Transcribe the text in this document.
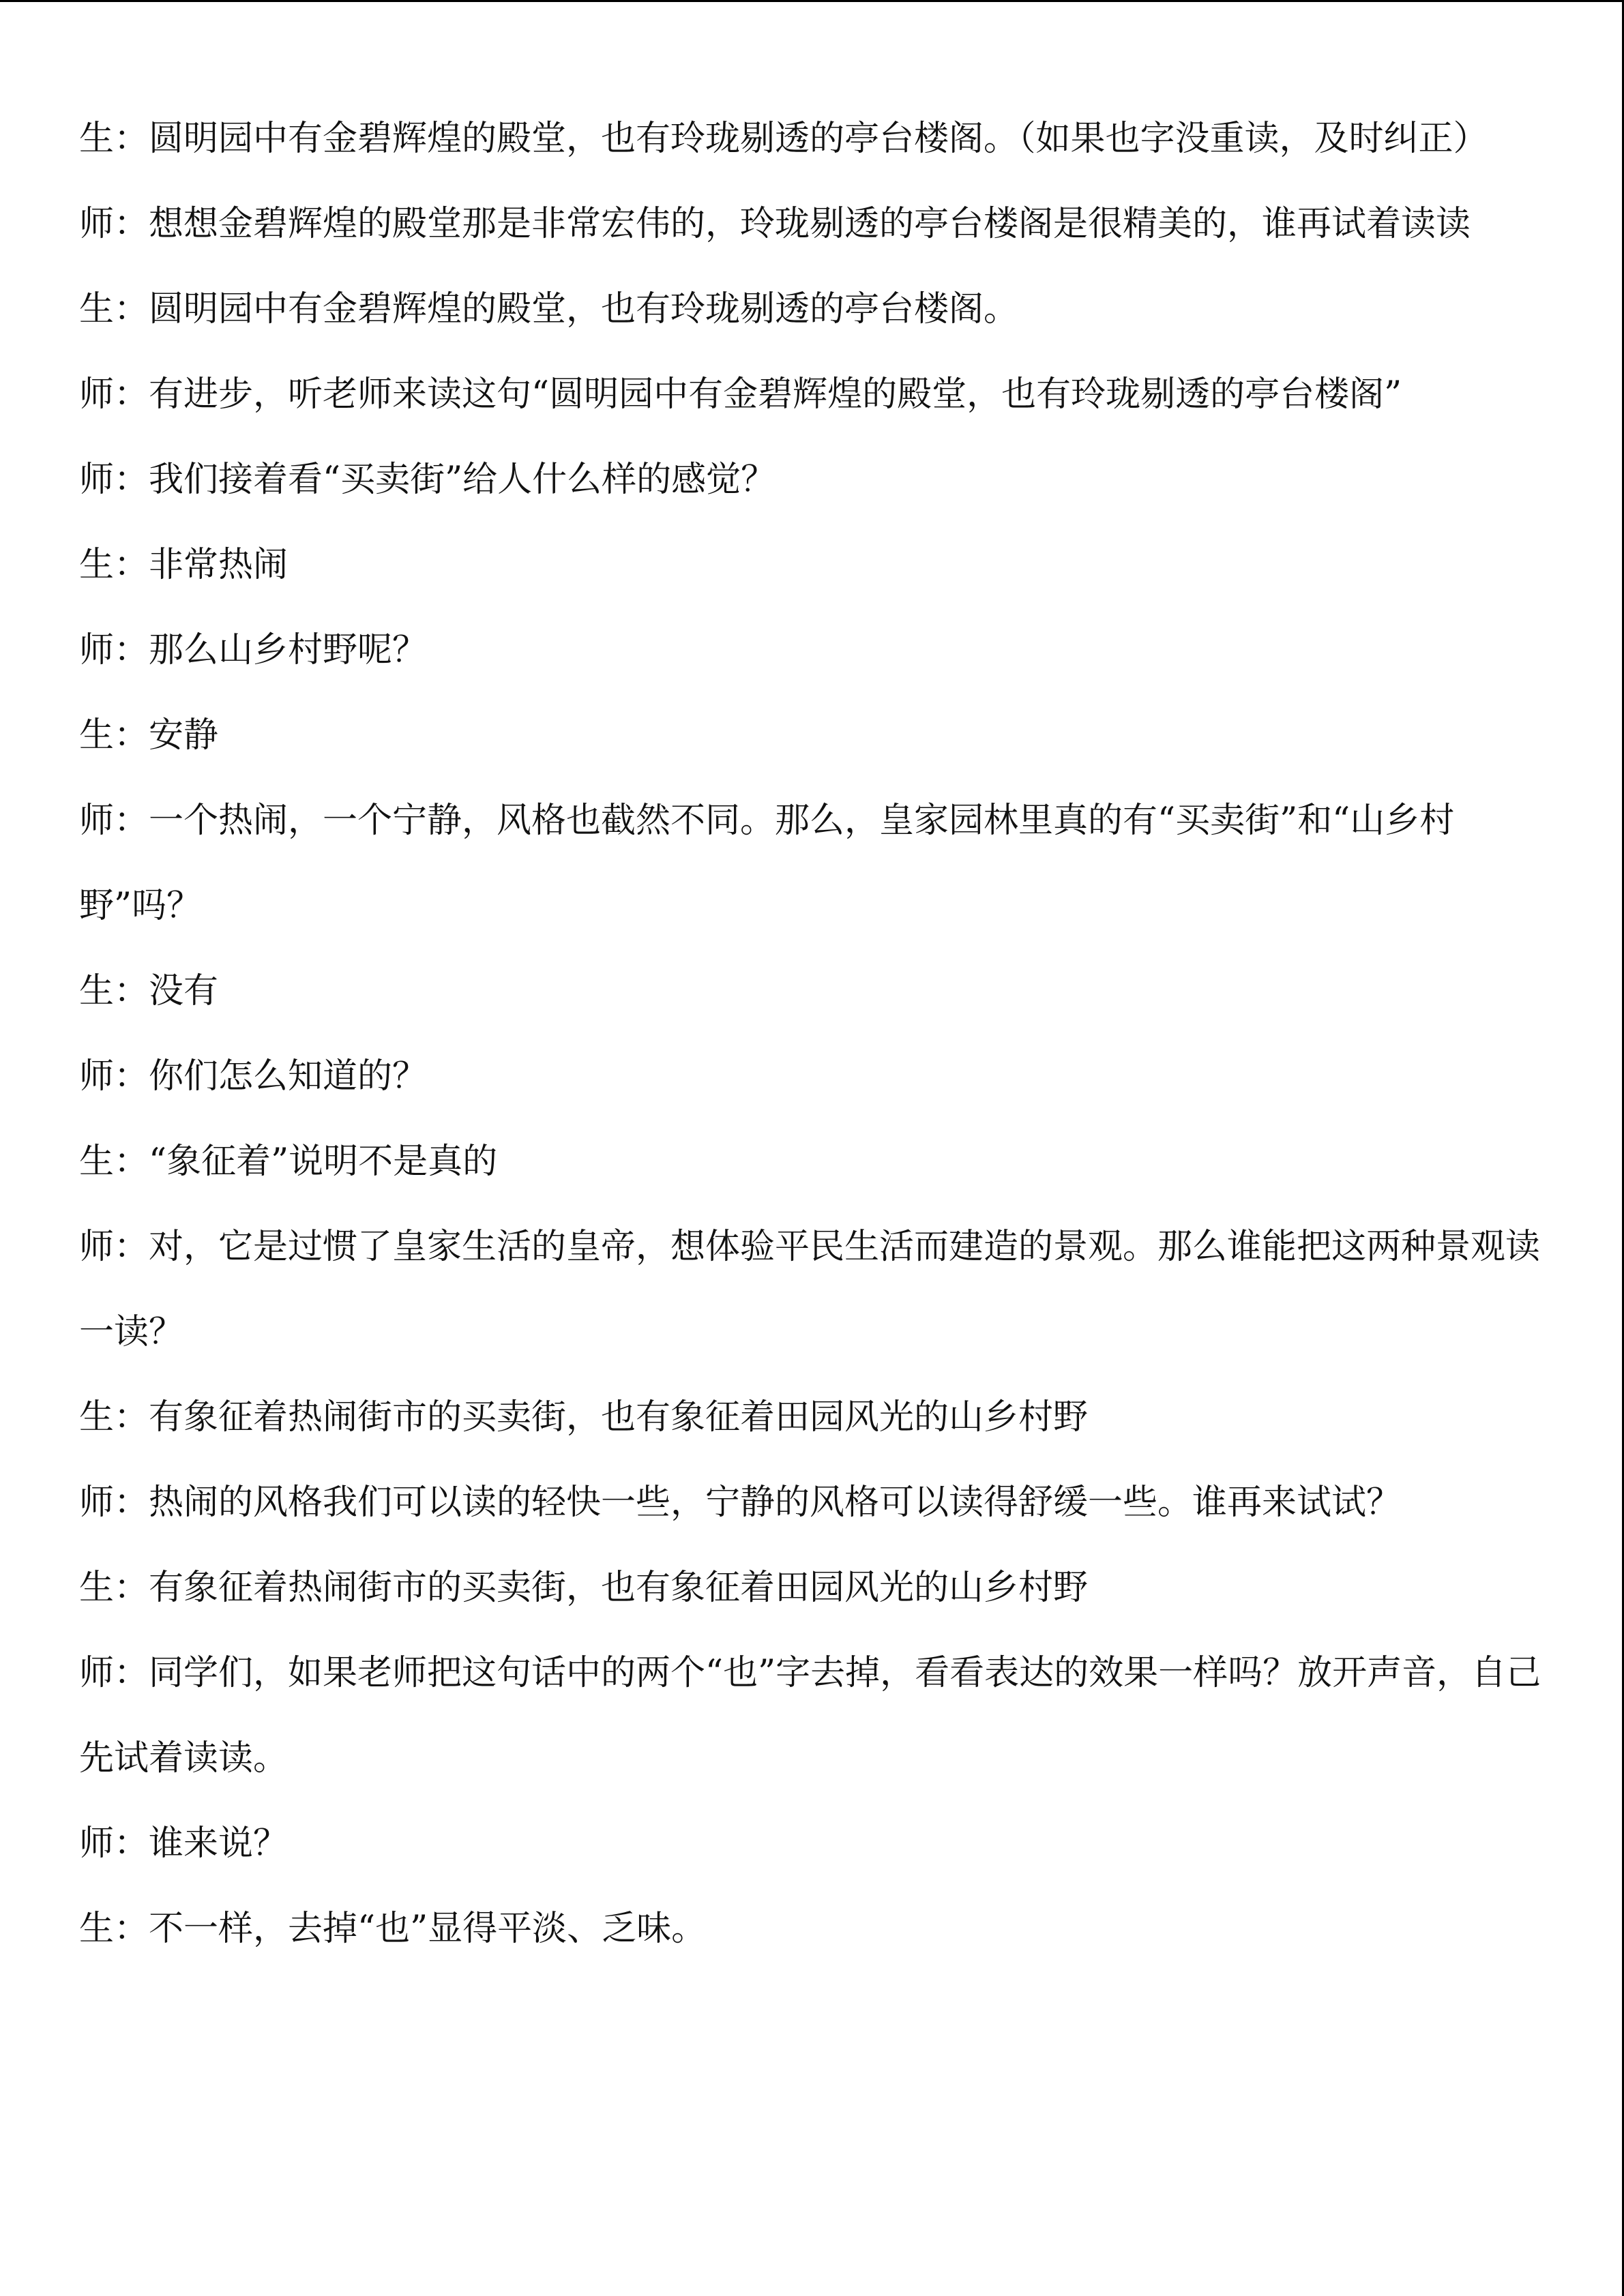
生：圆明园中有金碧辉煌的殿堂，也有玲珑剔透的亭台楼阁。（如果也字没重读，及时纠正）

师：想想金碧辉煌的殿堂那是非常宏伟的，玲珑剔透的亭台楼阁是很精美的，谁再试着读读

生：圆明园中有金碧辉煌的殿堂，也有玲珑剔透的亭台楼阁。

师：有进步，听老师来读这句“圆明园中有金碧辉煌的殿堂，也有玲珑剔透的亭台楼阁”

师：我们接着看“买卖街”给人什么样的感觉？

生：非常热闹

师：那么山乡村野呢？

生：安静

师：一个热闹，一个宁静，风格也截然不同。那么，皇家园林里真的有“买卖街”和“山乡村野”吗？

生：没有

师：你们怎么知道的？

生：“象征着”说明不是真的

师：对，它是过惯了皇家生活的皇帝，想体验平民生活而建造的景观。那么谁能把这两种景观读一读？

生：有象征着热闹街市的买卖街，也有象征着田园风光的山乡村野

师：热闹的风格我们可以读的轻快一些，宁静的风格可以读得舒缓一些。谁再来试试？

生：有象征着热闹街市的买卖街，也有象征着田园风光的山乡村野

师：同学们，如果老师把这句话中的两个“也”字去掉，看看表达的效果一样吗？放开声音，自己先试着读读。

师：谁来说？

生：不一样，去掉“也”显得平淡、乏味。
